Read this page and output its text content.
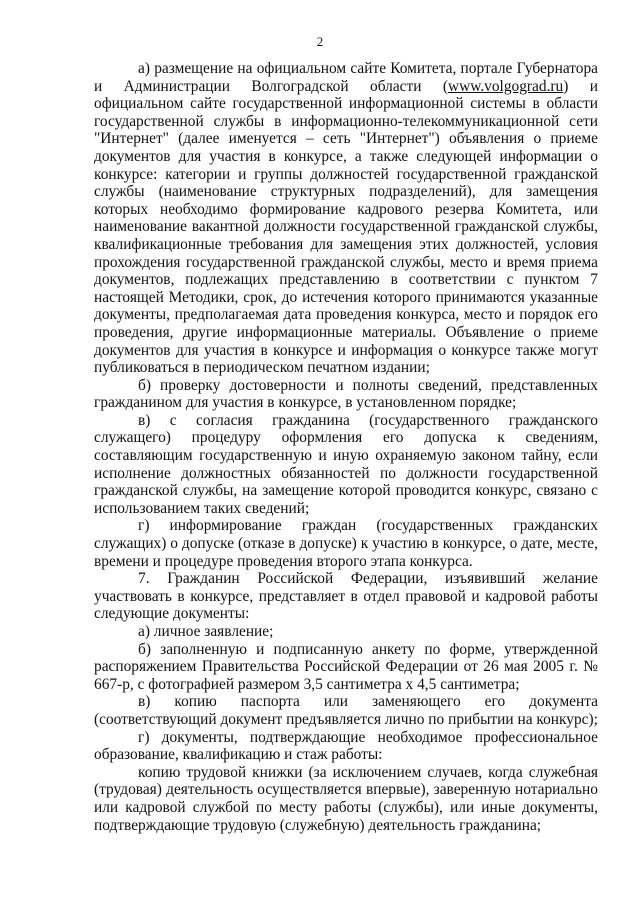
2

а) размещение на официальном сайте Комитета, портале Губернатора и Администрации Волгоградской области (www.volgograd.ru) и официальном сайте государственной информационной системы в области государственной службы в информационно-телекоммуникационной сети "Интернет" (далее именуется – сеть "Интернет") объявления о приеме документов для участия в конкурсе, а также следующей информации о конкурсе: категории и группы должностей государственной гражданской службы (наименование структурных подразделений), для замещения которых необходимо формирование кадрового резерва Комитета, или наименование вакантной должности государственной гражданской службы, квалификационные требования для замещения этих должностей, условия прохождения государственной гражданской службы, место и время приема документов, подлежащих представлению в соответствии с пунктом 7 настоящей Методики, срок, до истечения которого принимаются указанные документы, предполагаемая дата проведения конкурса, место и порядок его проведения, другие информационные материалы. Объявление о приеме документов для участия в конкурсе и информация о конкурсе также могут публиковаться в периодическом печатном издании;

б) проверку достоверности и полноты сведений, представленных гражданином для участия в конкурсе, в установленном порядке;

в) с согласия гражданина (государственного гражданского служащего) процедуру оформления его допуска к сведениям, составляющим государственную и иную охраняемую законом тайну, если исполнение должностных обязанностей по должности государственной гражданской службы, на замещение которой проводится конкурс, связано с использованием таких сведений;

г) информирование граждан (государственных гражданских служащих) о допуске (отказе в допуске) к участию в конкурсе, о дате, месте, времени и процедуре проведения второго этапа конкурса.

7. Гражданин Российской Федерации, изъявивший желание участвовать в конкурсе, представляет в отдел правовой и кадровой работы следующие документы:

а) личное заявление;

б) заполненную и подписанную анкету по форме, утвержденной распоряжением Правительства Российской Федерации от 26 мая 2005 г. № 667-р, с фотографией размером 3,5 сантиметра х 4,5 сантиметра;

в) копию паспорта или заменяющего его документа (соответствующий документ предъявляется лично по прибытии на конкурс);

г) документы, подтверждающие необходимое профессиональное образование, квалификацию и стаж работы:

копию трудовой книжки (за исключением случаев, когда служебная (трудовая) деятельность осуществляется впервые), заверенную нотариально или кадровой службой по месту работы (службы), или иные документы, подтверждающие трудовую (служебную) деятельность гражданина;
